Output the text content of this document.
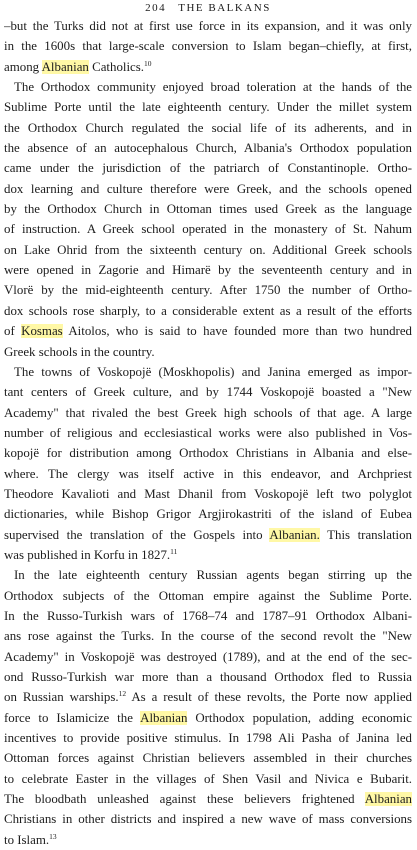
204 THE BALKANS
–but the Turks did not at first use force in its expansion, and it was only
in the 1600s that large-scale conversion to Islam began–chiefly, at first,
among Albanian Catholics.$^{10}$
The Orthodox community enjoyed broad toleration at the hands of the
Sublime Porte until the late eighteenth century. Under the millet system
the Orthodox Church regulated the social life of its adherents, and in
the absence of an autocephalous Church, Albania's Orthodox population
came under the jurisdiction of the patriarch of Constantinople. Ortho-
dox learning and culture therefore were Greek, and the schools opened
by the Orthodox Church in Ottoman times used Greek as the language
of instruction. A Greek school operated in the monastery of St. Nahum
on Lake Ohrid from the sixteenth century on. Additional Greek schools
were opened in Zagorie and Himarë by the seventeenth century and in
Vlorë by the mid-eighteenth century. After 1750 the number of Ortho-
dox schools rose sharply, to a considerable extent as a result of the efforts
of Kosmas Aitolos, who is said to have founded more than two hundred
Greek schools in the country.
The towns of Voskopojë (Moskhopolis) and Janina emerged as impor-
tant centers of Greek culture, and by 1744 Voskopojë boasted a "New
Academy" that rivaled the best Greek high schools of that age. A large
number of religious and ecclesiastical works were also published in Vos-
kopojë for distribution among Orthodox Christians in Albania and else-
where. The clergy was itself active in this endeavor, and Archpriest
Theodore Kavalioti and Mast Dhanil from Voskopojë left two polyglot
dictionaries, while Bishop Grigor Argjirokastriti of the island of Eubea
supervised the translation of the Gospels into Albanian. This translation
was published in Korfu in 1827.11
In the late eighteenth century Russian agents began stirring up the
Orthodox subjects of the Ottoman empire against the Sublime Porte.
In the Russo-Turkish wars of 1768–74 and 1787–91 Orthodox Albani-
ans rose against the Turks. In the course of the second revolt the "New
Academy" in Voskopojë was destroyed (1789), and at the end of the sec-
ond Russo-Turkish war more than a thousand Orthodox fled to Russia
on Russian warships.$^{12}$ As a result of these revolts, the Porte now applied
force to Islamicize the Albanian Orthodox population, adding economic
incentives to provide positive stimulus. In 1798 Ali Pasha of Janina led
Ottoman forces against Christian believers assembled in their churches
to celebrate Easter in the villages of Shen Vasil and Nivica e Bubarit.
The bloodbath unleashed against these believers frightened Albanian
Christians in other districts and inspired a new wave of mass conversions
to Islam.$^{13}$
